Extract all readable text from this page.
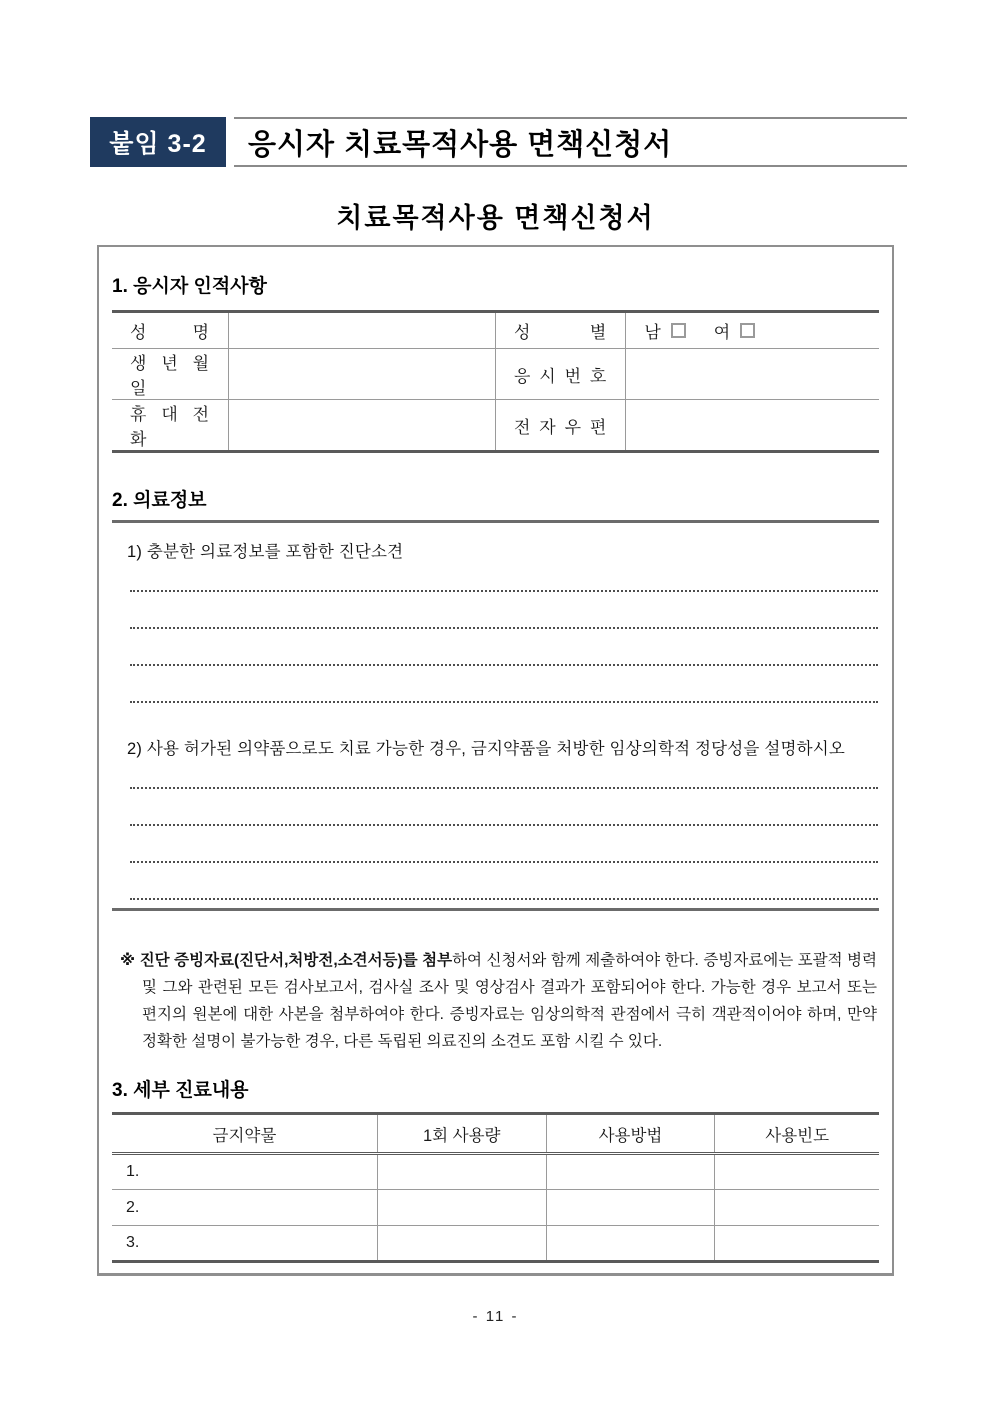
붙임 3-2	응시자 치료목적사용 면책신청서
치료목적사용 면책신청서
1. 응시자 인적사항
성 명		성 별	남 여

생 년 월 일		응 시 번 호	

휴 대 전 화		전 자 우 편	

2. 의료정보
1) 충분한 의료정보를 포함한 진단소견
2) 사용 허가된 의약품으로도 치료 가능한 경우, 금지약품을 처방한 임상의학적 정당성을 설명하시오

※ 진단 증빙자료(진단서,처방전,소견서등)를 첨부하여 신청서와 함께 제출하여야 한다. 증빙자료에는 포괄적 병력 및 그와 관련된 모든 검사보고서, 검사실 조사 및 영상검사 결과가 포함되어야 한다. 가능한 경우 보고서 또는 편지의 원본에 대한 사본을 첨부하여야 한다. 증빙자료는 임상의학적 관점에서 극히 객관적이어야 하며, 만약 정확한 설명이 불가능한 경우, 다른 독립된 의료진의 소견도 포함 시킬 수 있다.

3. 세부 진료내용
금지약물	1회 사용량	사용방법	사용빈도
1.			
2.			
3.			
- 11 -
